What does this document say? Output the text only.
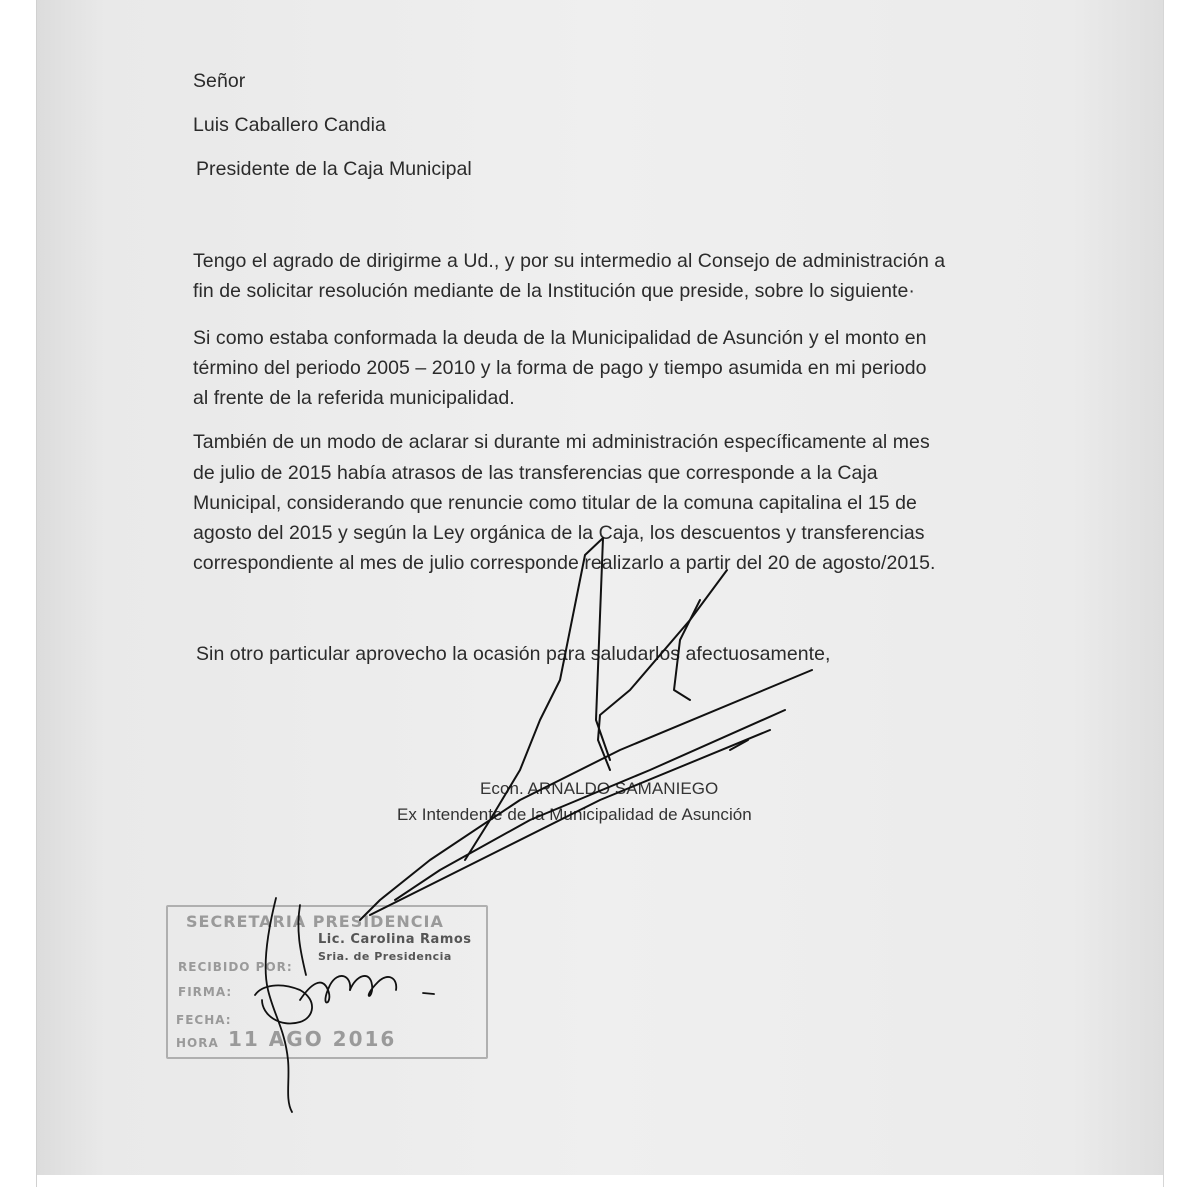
Señor
Luis Caballero Candia
Presidente de la Caja Municipal
Tengo el agrado de dirigirme a Ud., y por su intermedio al Consejo de administración a
fin de solicitar resolución mediante de la Institución que preside, sobre lo siguiente·
Si como estaba conformada la deuda de la Municipalidad de Asunción y el monto en
término del periodo 2005 – 2010 y la forma de pago y tiempo asumida en mi periodo
al frente de la referida municipalidad.
También de un modo de aclarar si durante mi administración específicamente al mes
de julio de 2015 había atrasos de las transferencias que corresponde a la Caja
Municipal, considerando que renuncie como titular de la comuna capitalina el 15 de
agosto del 2015 y según la Ley orgánica de la Caja, los descuentos y transferencias
correspondiente al mes de julio corresponde realizarlo a partir del 20 de agosto/2015.
Sin otro particular aprovecho la ocasión para saludarlos afectuosamente,
Econ. ARNALDO SAMANIEGO
Ex Intendente de la Municipalidad de Asunción
SECRETARIA PRESIDENCIA
Lic. Carolina Ramos
Sria. de Presidencia
RECIBIDO POR:
FIRMA:
FECHA:
HORA 11 AGO 2016
